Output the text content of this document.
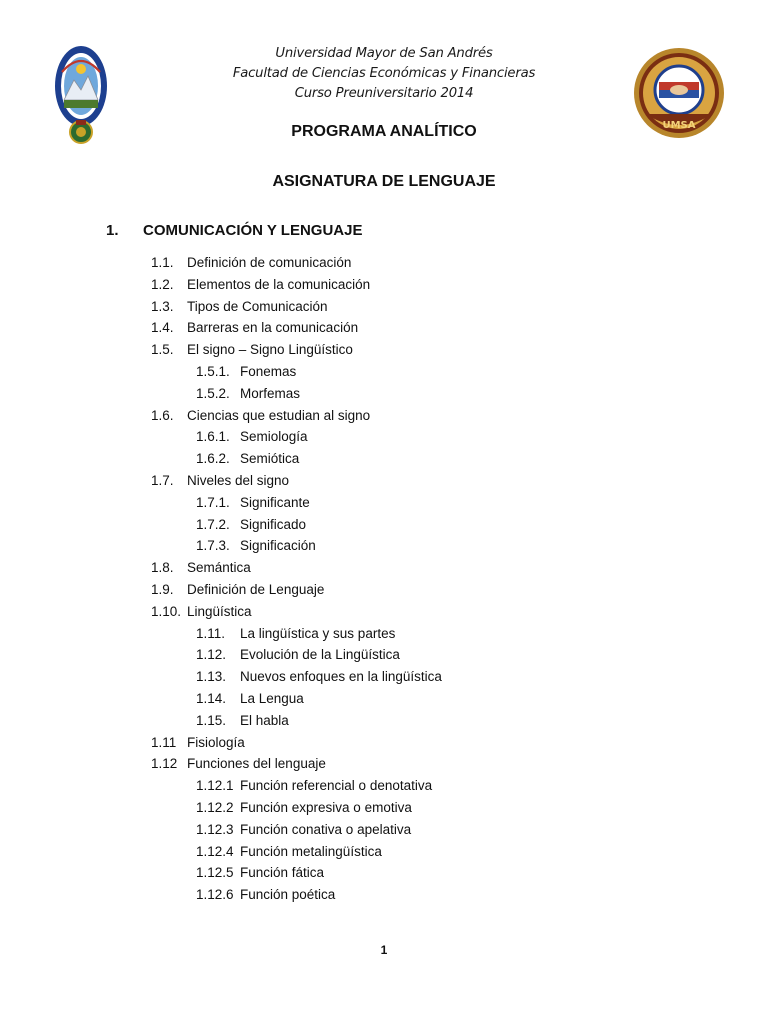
Universidad Mayor de San Andrés
Facultad de Ciencias Económicas y Financieras
Curso Preuniversitario 2014
UMSA
PROGRAMA ANALÍTICO
ASIGNATURA DE LENGUAJE
1. COMUNICACIÓN Y LENGUAJE
1.1. Definición de comunicación
1.2. Elementos de la comunicación
1.3. Tipos de Comunicación
1.4. Barreras en la comunicación
1.5. El signo – Signo Lingüístico
1.5.1. Fonemas
1.5.2. Morfemas
1.6. Ciencias que estudian al signo
1.6.1. Semiología
1.6.2. Semiótica
1.7. Niveles del signo
1.7.1. Significante
1.7.2. Significado
1.7.3. Significación
1.8. Semántica
1.9. Definición de Lenguaje
1.10. Lingüística
1.11. La lingüística y sus partes
1.12. Evolución de la Lingüística
1.13. Nuevos enfoques en la lingüística
1.14. La Lengua
1.15. El habla
1.11 Fisiología
1.12 Funciones del lenguaje
1.12.1 Función referencial o denotativa
1.12.2 Función expresiva o emotiva
1.12.3 Función conativa o apelativa
1.12.4 Función metalingüística
1.12.5 Función fática
1.12.6 Función poética
1
